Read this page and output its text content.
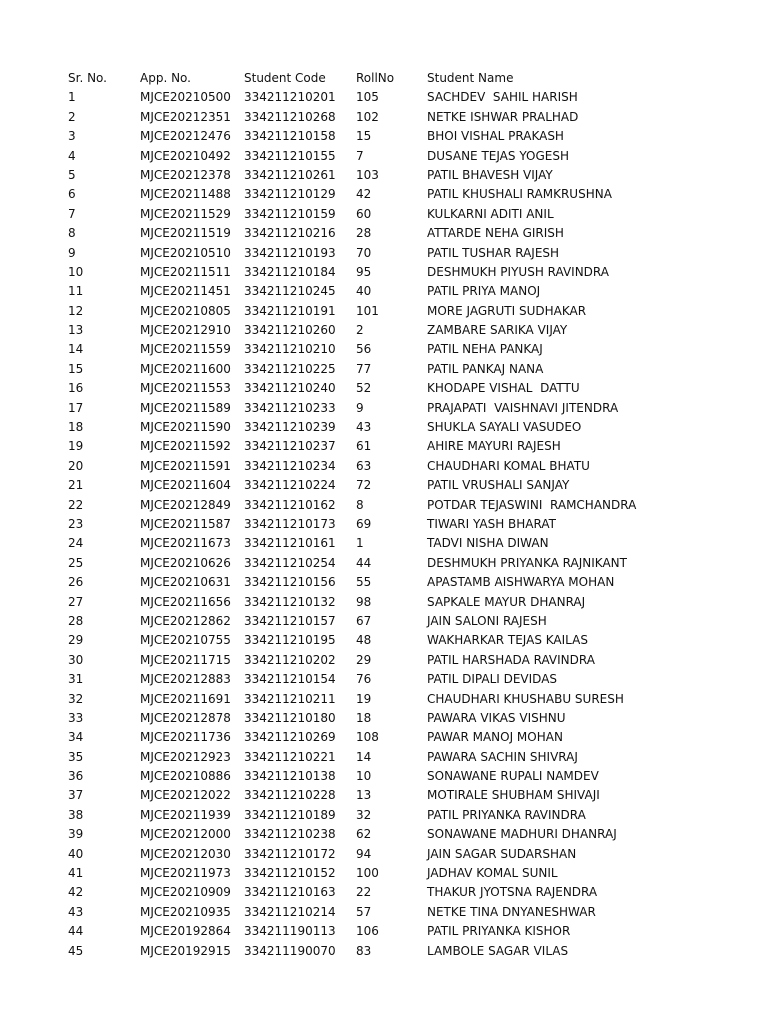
Sr. No.	App. No.	Student Code	RollNo	Student Name
1	MJCE20210500	334211210201	105	SACHDEV  SAHIL HARISH
2	MJCE20212351	334211210268	102	NETKE ISHWAR PRALHAD
3	MJCE20212476	334211210158	15	BHOI VISHAL PRAKASH
4	MJCE20210492	334211210155	7	DUSANE TEJAS YOGESH
5	MJCE20212378	334211210261	103	PATIL BHAVESH VIJAY
6	MJCE20211488	334211210129	42	PATIL KHUSHALI RAMKRUSHNA
7	MJCE20211529	334211210159	60	KULKARNI ADITI ANIL
8	MJCE20211519	334211210216	28	ATTARDE NEHA GIRISH
9	MJCE20210510	334211210193	70	PATIL TUSHAR RAJESH
10	MJCE20211511	334211210184	95	DESHMUKH PIYUSH RAVINDRA
11	MJCE20211451	334211210245	40	PATIL PRIYA MANOJ
12	MJCE20210805	334211210191	101	MORE JAGRUTI SUDHAKAR
13	MJCE20212910	334211210260	2	ZAMBARE SARIKA VIJAY
14	MJCE20211559	334211210210	56	PATIL NEHA PANKAJ
15	MJCE20211600	334211210225	77	PATIL PANKAJ NANA
16	MJCE20211553	334211210240	52	KHODAPE VISHAL  DATTU
17	MJCE20211589	334211210233	9	PRAJAPATI  VAISHNAVI JITENDRA
18	MJCE20211590	334211210239	43	SHUKLA SAYALI VASUDEO
19	MJCE20211592	334211210237	61	AHIRE MAYURI RAJESH
20	MJCE20211591	334211210234	63	CHAUDHARI KOMAL BHATU
21	MJCE20211604	334211210224	72	PATIL VRUSHALI SANJAY
22	MJCE20212849	334211210162	8	POTDAR TEJASWINI  RAMCHANDRA
23	MJCE20211587	334211210173	69	TIWARI YASH BHARAT
24	MJCE20211673	334211210161	1	TADVI NISHA DIWAN
25	MJCE20210626	334211210254	44	DESHMUKH PRIYANKA RAJNIKANT
26	MJCE20210631	334211210156	55	APASTAMB AISHWARYA MOHAN
27	MJCE20211656	334211210132	98	SAPKALE MAYUR DHANRAJ
28	MJCE20212862	334211210157	67	JAIN SALONI RAJESH
29	MJCE20210755	334211210195	48	WAKHARKAR TEJAS KAILAS
30	MJCE20211715	334211210202	29	PATIL HARSHADA RAVINDRA
31	MJCE20212883	334211210154	76	PATIL DIPALI DEVIDAS
32	MJCE20211691	334211210211	19	CHAUDHARI KHUSHABU SURESH
33	MJCE20212878	334211210180	18	PAWARA VIKAS VISHNU
34	MJCE20211736	334211210269	108	PAWAR MANOJ MOHAN
35	MJCE20212923	334211210221	14	PAWARA SACHIN SHIVRAJ
36	MJCE20210886	334211210138	10	SONAWANE RUPALI NAMDEV
37	MJCE20212022	334211210228	13	MOTIRALE SHUBHAM SHIVAJI
38	MJCE20211939	334211210189	32	PATIL PRIYANKA RAVINDRA
39	MJCE20212000	334211210238	62	SONAWANE MADHURI DHANRAJ
40	MJCE20212030	334211210172	94	JAIN SAGAR SUDARSHAN
41	MJCE20211973	334211210152	100	JADHAV KOMAL SUNIL
42	MJCE20210909	334211210163	22	THAKUR JYOTSNA RAJENDRA
43	MJCE20210935	334211210214	57	NETKE TINA DNYANESHWAR
44	MJCE20192864	334211190113	106	PATIL PRIYANKA KISHOR
45	MJCE20192915	334211190070	83	LAMBOLE SAGAR VILAS
